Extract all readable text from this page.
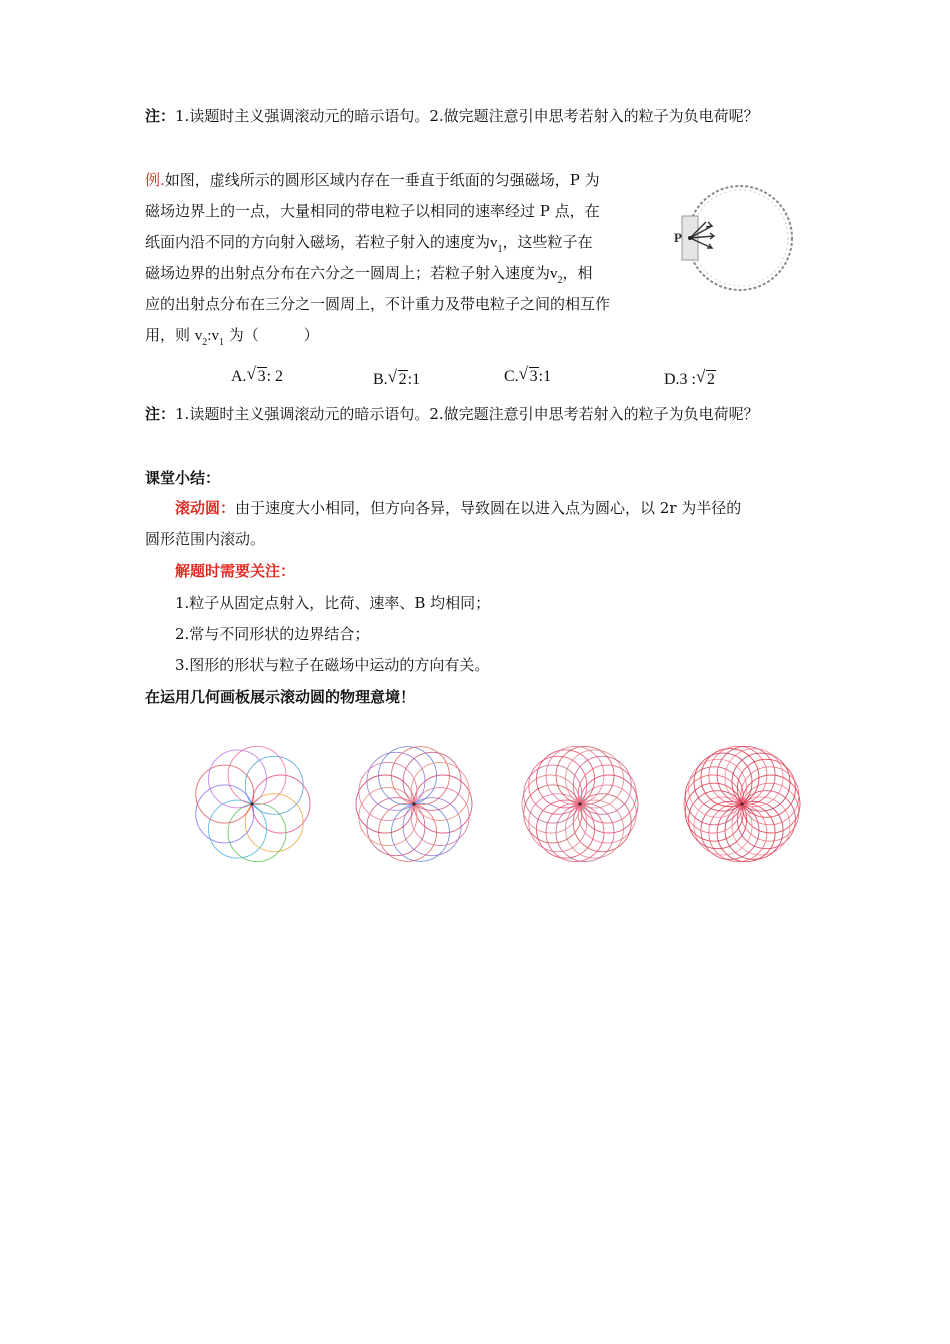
注：1.读题时主义强调滚动元的暗示语句。2.做完题注意引申思考若射入的粒子为负电荷呢？
例.如图，虚线所示的圆形区域内存在一垂直于纸面的匀强磁场，P 为
磁场边界上的一点，大量相同的带电粒子以相同的速率经过 P 点，在
纸面内沿不同的方向射入磁场，若粒子射入的速度为$v_1$，这些粒子在
磁场边界的出射点分布在六分之一圆周上；若粒子射入速度为$v_2$，相
应的出射点分布在三分之一圆周上，不计重力及带电粒子之间的相互作
用，则 $v_2:v_1$ 为（　　　）
P
A. √ 3: 2	B. √ 2:1	C. √ 3:1	D.3 : √ 2
注：1.读题时主义强调滚动元的暗示语句。2.做完题注意引申思考若射入的粒子为负电荷呢？
课堂小结：
滚动圆：由于速度大小相同，但方向各异，导致圆在以进入点为圆心，以 2r 为半径的
圆形范围内滚动。
解题时需要关注：
1.粒子从固定点射入，比荷、速率、B 均相同；
2.常与不同形状的边界结合；
3.图形的形状与粒子在磁场中运动的方向有关。
在运用几何画板展示滚动圆的物理意境！
